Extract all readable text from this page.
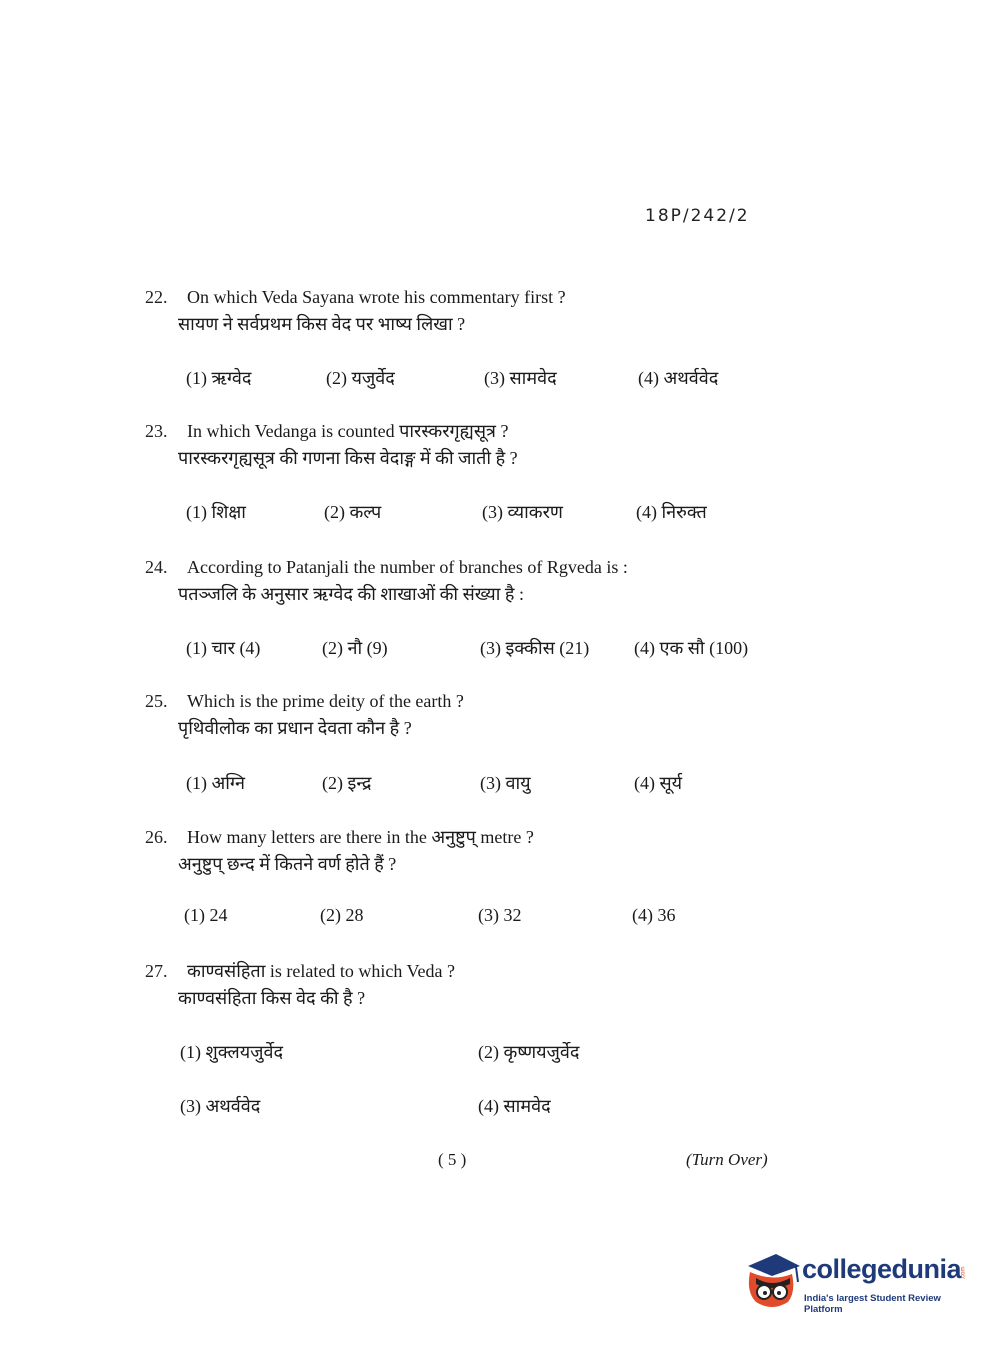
18P/242/2
22.	On which Veda Sayana wrote his commentary first ?
सायण ने सर्वप्रथम किस वेद पर भाष्य लिखा ?
(1) ऋग्वेद	(2) यजुर्वेद	(3) सामवेद	(4) अथर्ववेद
23.	In which Vedanga is counted पारस्करगृह्यसूत्र ?
पारस्करगृह्यसूत्र की गणना किस वेदाङ्ग में की जाती है ?
(1) शिक्षा	(2) कल्प	(3) व्याकरण	(4) निरुक्त
24.	According to Patanjali the number of branches of Rgveda is :
पतञ्जलि के अनुसार ऋग्वेद की शाखाओं की संख्या है :
(1) चार (4)	(2) नौ (9)	(3) इक्कीस (21) (4) एक सौ (100)
25.	Which is the prime deity of the earth ?
पृथिवीलोक का प्रधान देवता कौन है ?
(1) अग्नि	(2) इन्द्र	(3) वायु	(4) सूर्य
26.	How many letters are there in the अनुष्टुप् metre ?
अनुष्टुप् छन्द में कितने वर्ण होते हैं ?
(1) 24	(2) 28	(3) 32	(4) 36
27.	काण्वसंहिता is related to which Veda ?
काण्वसंहिता किस वेद की है ?
(1) शुक्लयजुर्वेद	(2) कृष्णयजुर्वेद
(3) अथर्ववेद	(4) सामवेद
( 5 )	(Turn Over)
collegedunia .com
India's largest Student Review Platform
